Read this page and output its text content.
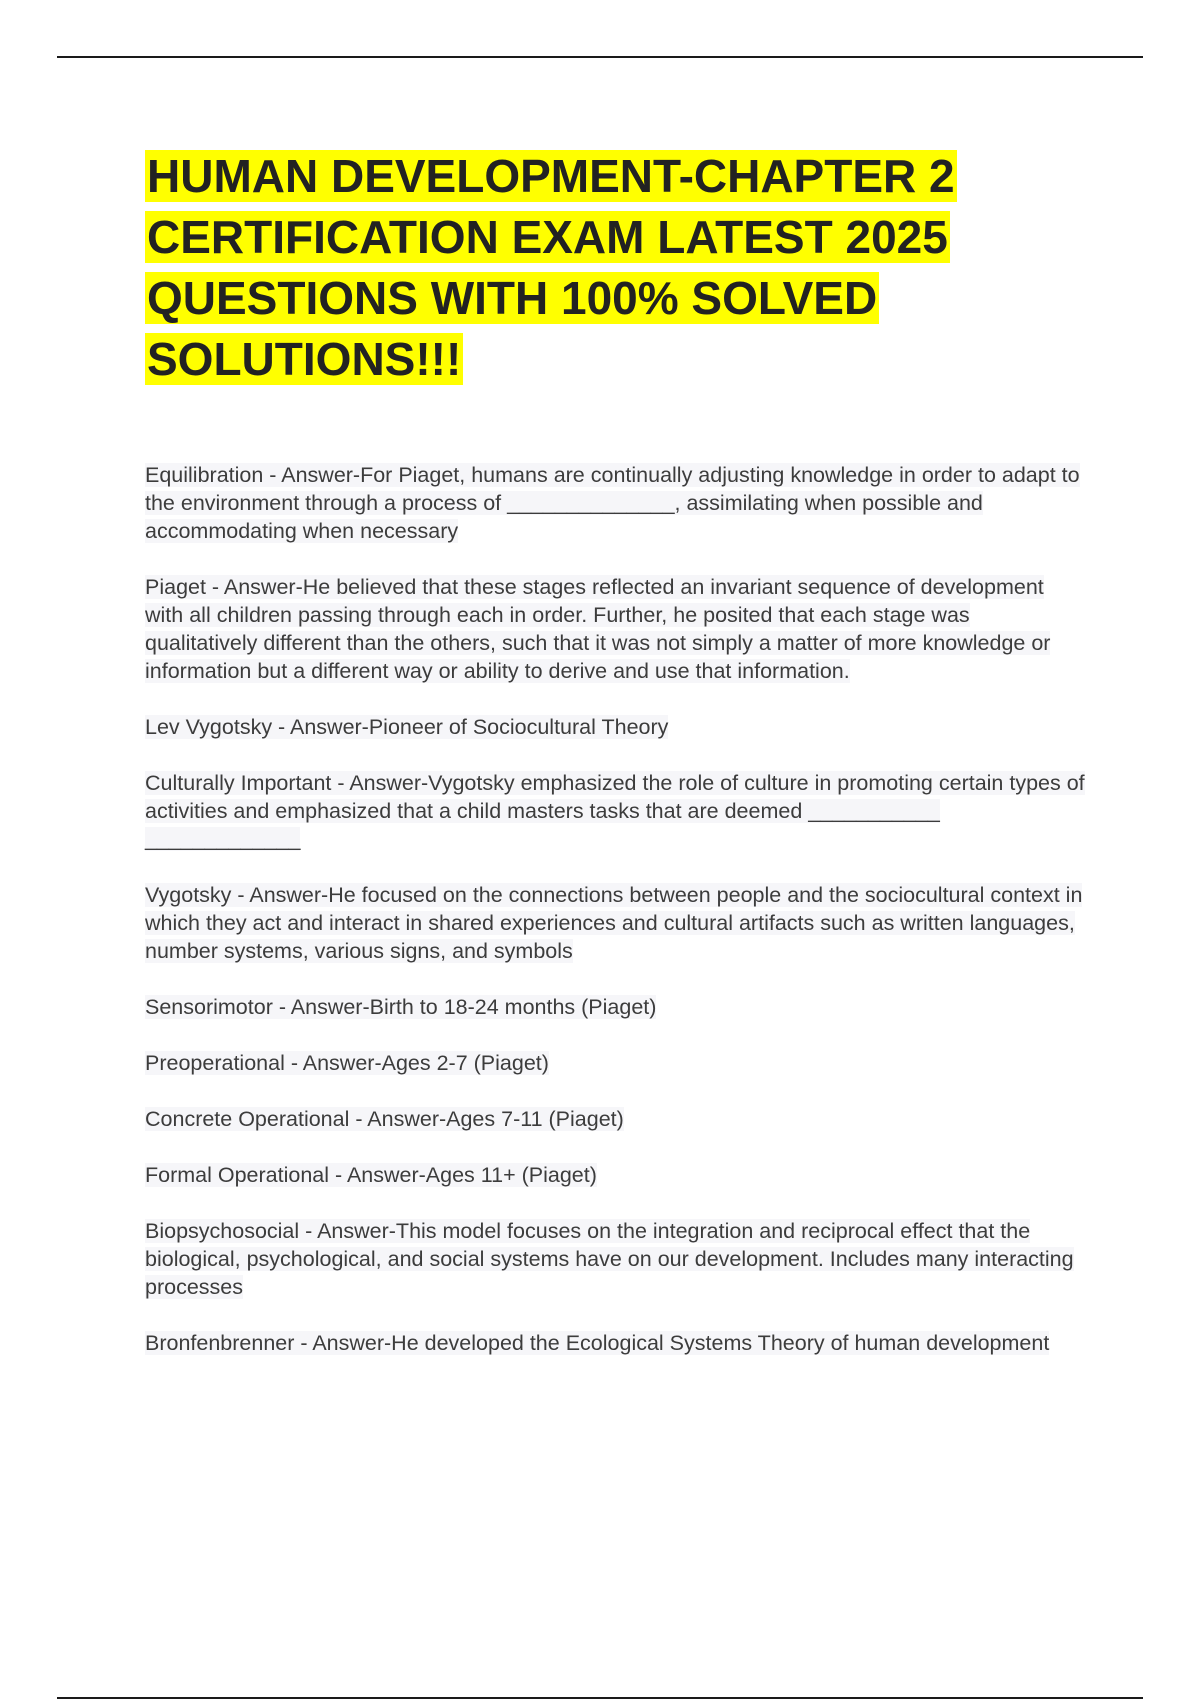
HUMAN DEVELOPMENT-CHAPTER 2 CERTIFICATION EXAM LATEST 2025 QUESTIONS WITH 100% SOLVED SOLUTIONS!!!

Equilibration - Answer-For Piaget, humans are continually adjusting knowledge in order to adapt to the environment through a process of ______________, assimilating when possible and accommodating when necessary

Piaget - Answer-He believed that these stages reflected an invariant sequence of development with all children passing through each in order. Further, he posited that each stage was qualitatively different than the others, such that it was not simply a matter of more knowledge or information but a different way or ability to derive and use that information.

Lev Vygotsky - Answer-Pioneer of Sociocultural Theory

Culturally Important - Answer-Vygotsky emphasized the role of culture in promoting certain types of activities and emphasized that a child masters tasks that are deemed ___________ _____________

Vygotsky - Answer-He focused on the connections between people and the sociocultural context in which they act and interact in shared experiences and cultural artifacts such as written languages, number systems, various signs, and symbols

Sensorimotor - Answer-Birth to 18-24 months (Piaget)

Preoperational - Answer-Ages 2-7 (Piaget)

Concrete Operational - Answer-Ages 7-11 (Piaget)

Formal Operational - Answer-Ages 11+ (Piaget)

Biopsychosocial - Answer-This model focuses on the integration and reciprocal effect that the biological, psychological, and social systems have on our development. Includes many interacting processes

Bronfenbrenner - Answer-He developed the Ecological Systems Theory of human development
